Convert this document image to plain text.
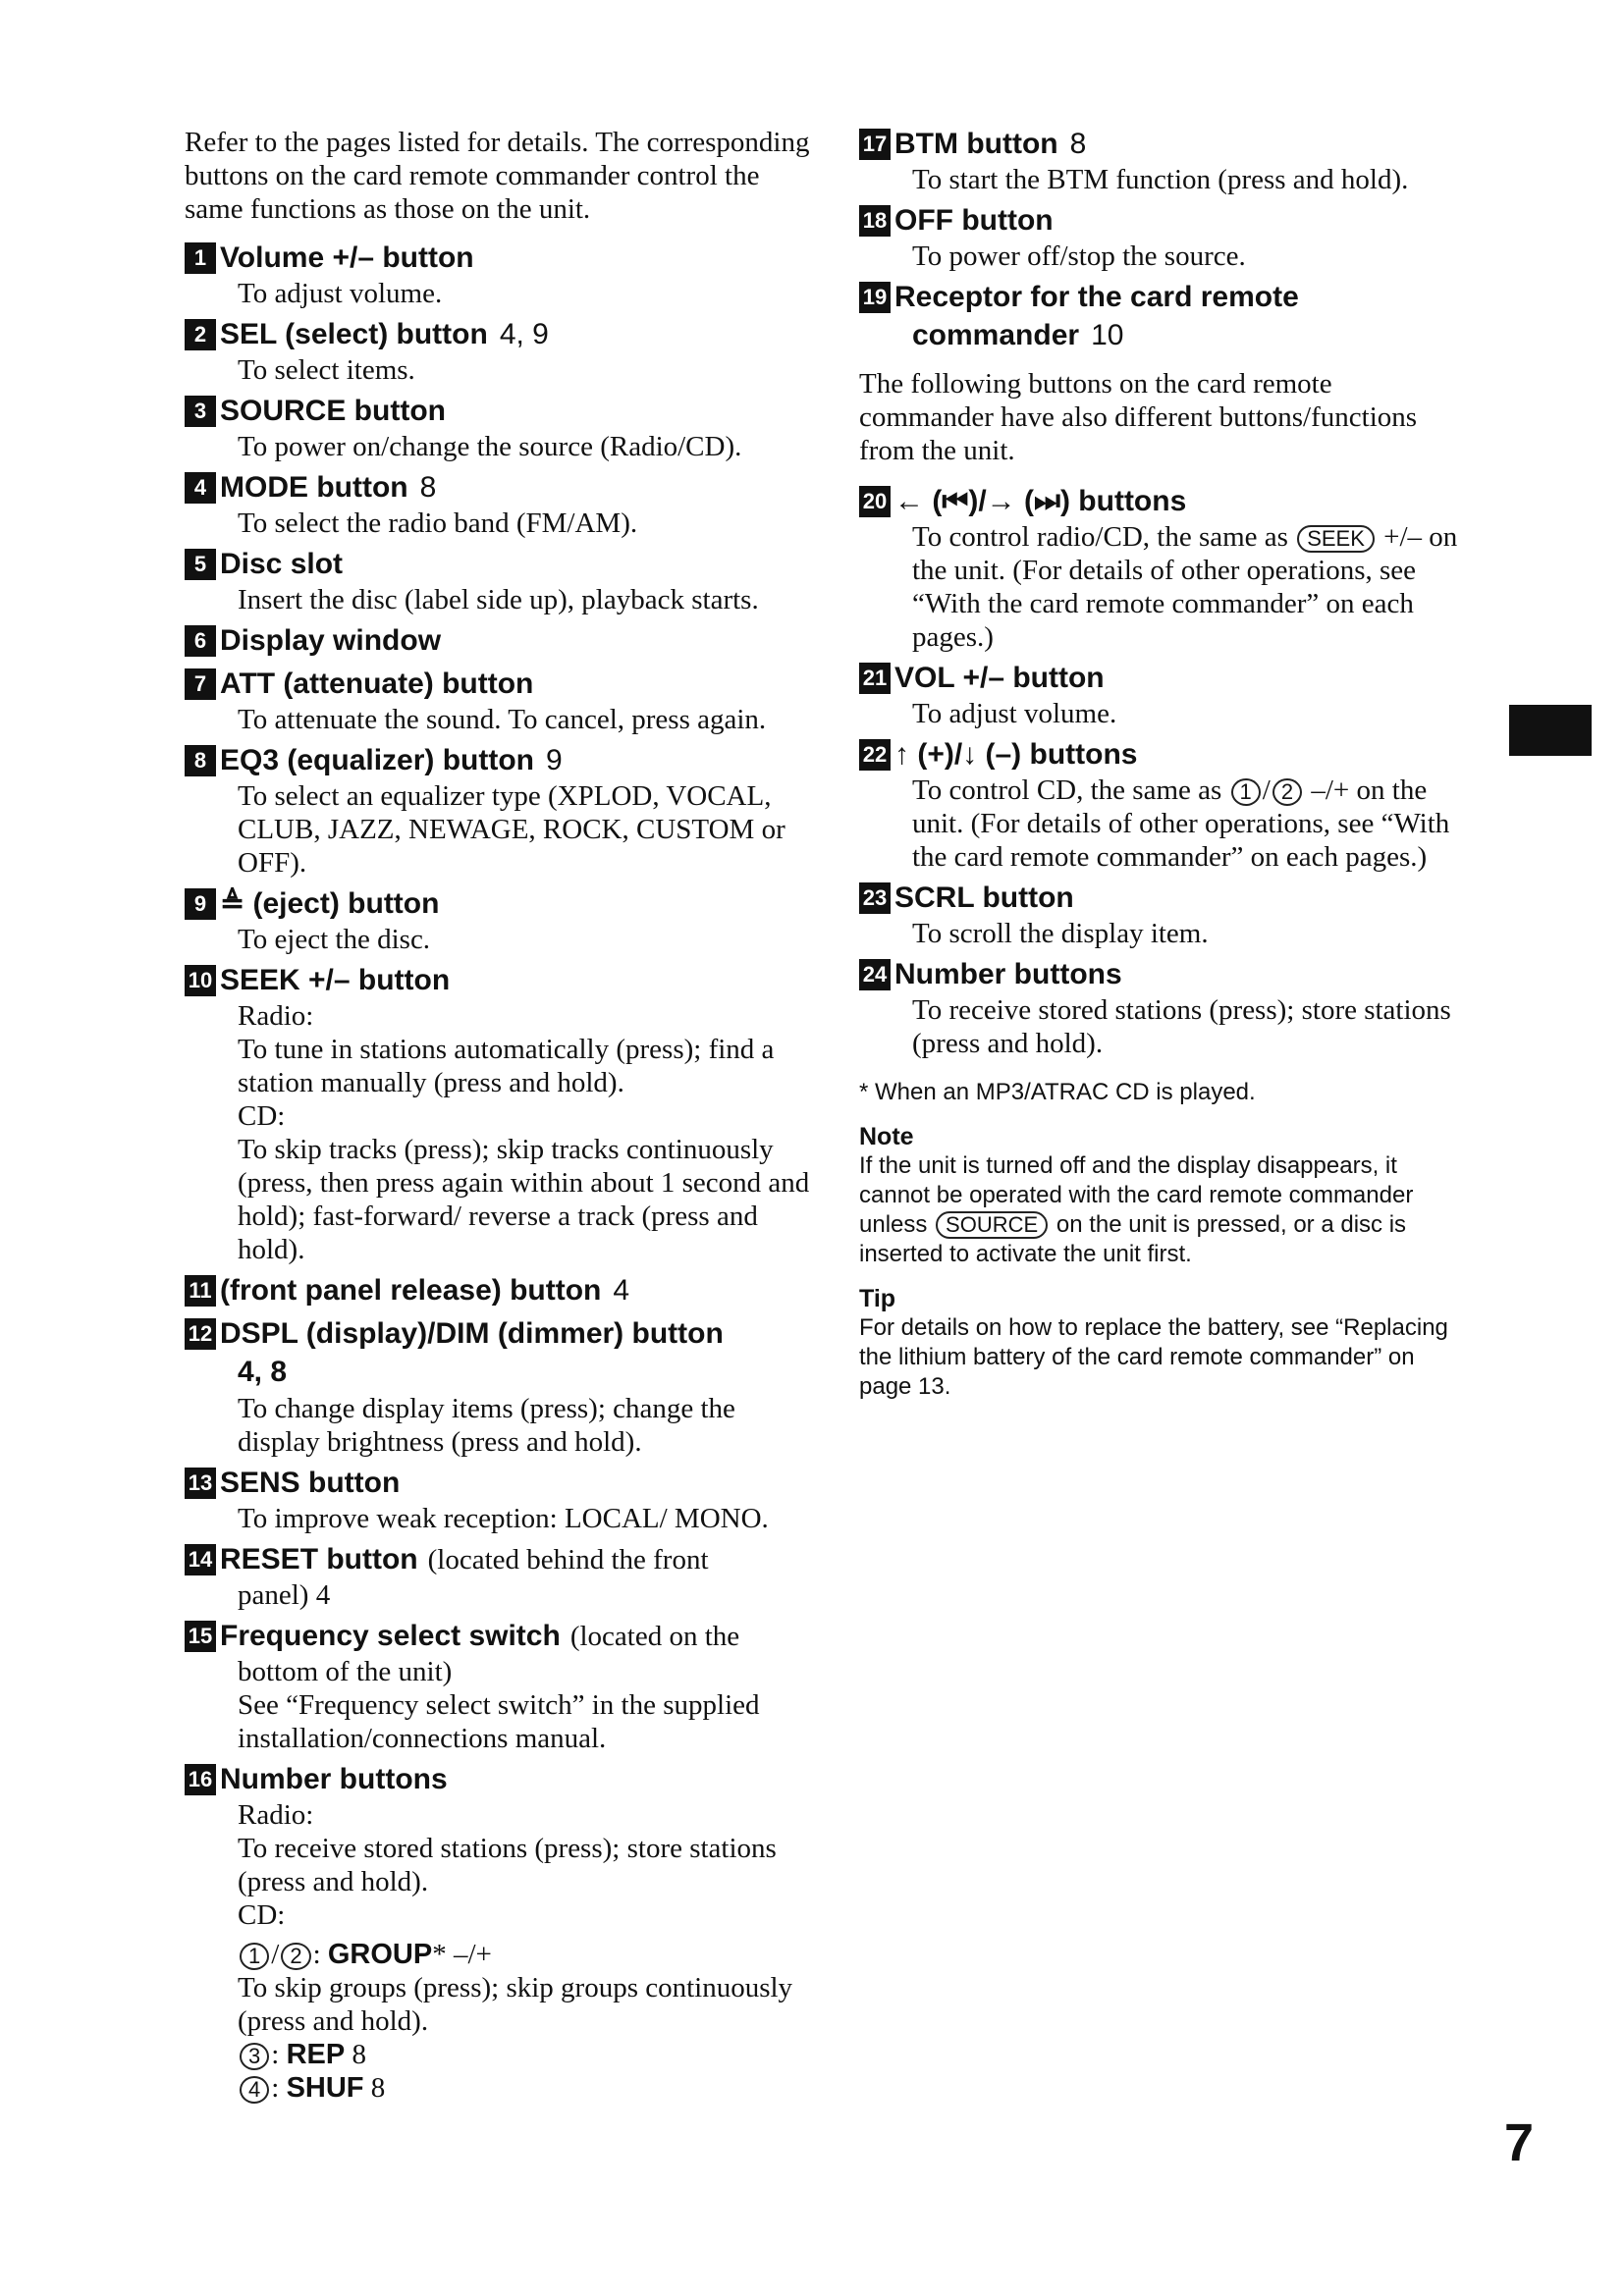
Refer to the pages listed for details. The corresponding buttons on the card remote commander control the same functions as those on the unit.

1 Volume +/– button

To adjust volume.

2 SEL (select) button 4, 9

To select items.

3 SOURCE button

To power on/change the source (Radio/CD).

4 MODE button 8

To select the radio band (FM/AM).

5 Disc slot

Insert the disc (label side up), playback starts.

6 Display window
7 ATT (attenuate) button

To attenuate the sound. To cancel, press again.

8 EQ3 (equalizer) button 9

To select an equalizer type (XPLOD, VOCAL, CLUB, JAZZ, NEWAGE, ROCK, CUSTOM or OFF).

9 ≜ (eject) button

To eject the disc.

10 SEEK +/– button

Radio:

To tune in stations automatically (press); find a station manually (press and hold).

CD:

To skip tracks (press); skip tracks continuously (press, then press again within about 1 second and hold); fast-forward/ reverse a track (press and hold).

11 (front panel release) button 4
12 DSPL (display)/DIM (dimmer) button
4, 8

To change display items (press); change the display brightness (press and hold).

13 SENS button

To improve weak reception: LOCAL/ MONO.

14 RESET button (located behind the front
panel) 4
15 Frequency select switch (located on the
bottom of the unit)

See “Frequency select switch” in the supplied installation/connections manual.

16 Number buttons

Radio:

To receive stored stations (press); store stations (press and hold).

CD:

1 / 2 : GROUP* –/+
To skip groups (press); skip groups continuously (press and hold).
3 : REP 8
4 : SHUF 8
17 BTM button 8

To start the BTM function (press and hold).

18 OFF button

To power off/stop the source.

19 Receptor for the card remote
commander 10

The following buttons on the card remote commander have also different buttons/functions from the unit.

20 ← (⏮)/→ (⏭) buttons

To control radio/CD, the same as SEEK +/– on the unit. (For details of other operations, see “With the card remote commander” on each pages.)

21 VOL +/– button

To adjust volume.

22 ↑ (+)/↓ (–) buttons

To control CD, the same as 1 / 2 –/+ on the unit. (For details of other operations, see “With the card remote commander” on each pages.)

23 SCRL button

To scroll the display item.

24 Number buttons

To receive stored stations (press); store stations (press and hold).

* When an MP3/ATRAC CD is played.
Note
If the unit is turned off and the display disappears, it cannot be operated with the card remote commander unless SOURCE on the unit is pressed, or a disc is inserted to activate the unit first.
Tip
For details on how to replace the battery, see “Replacing the lithium battery of the card remote commander” on page 13.
7
